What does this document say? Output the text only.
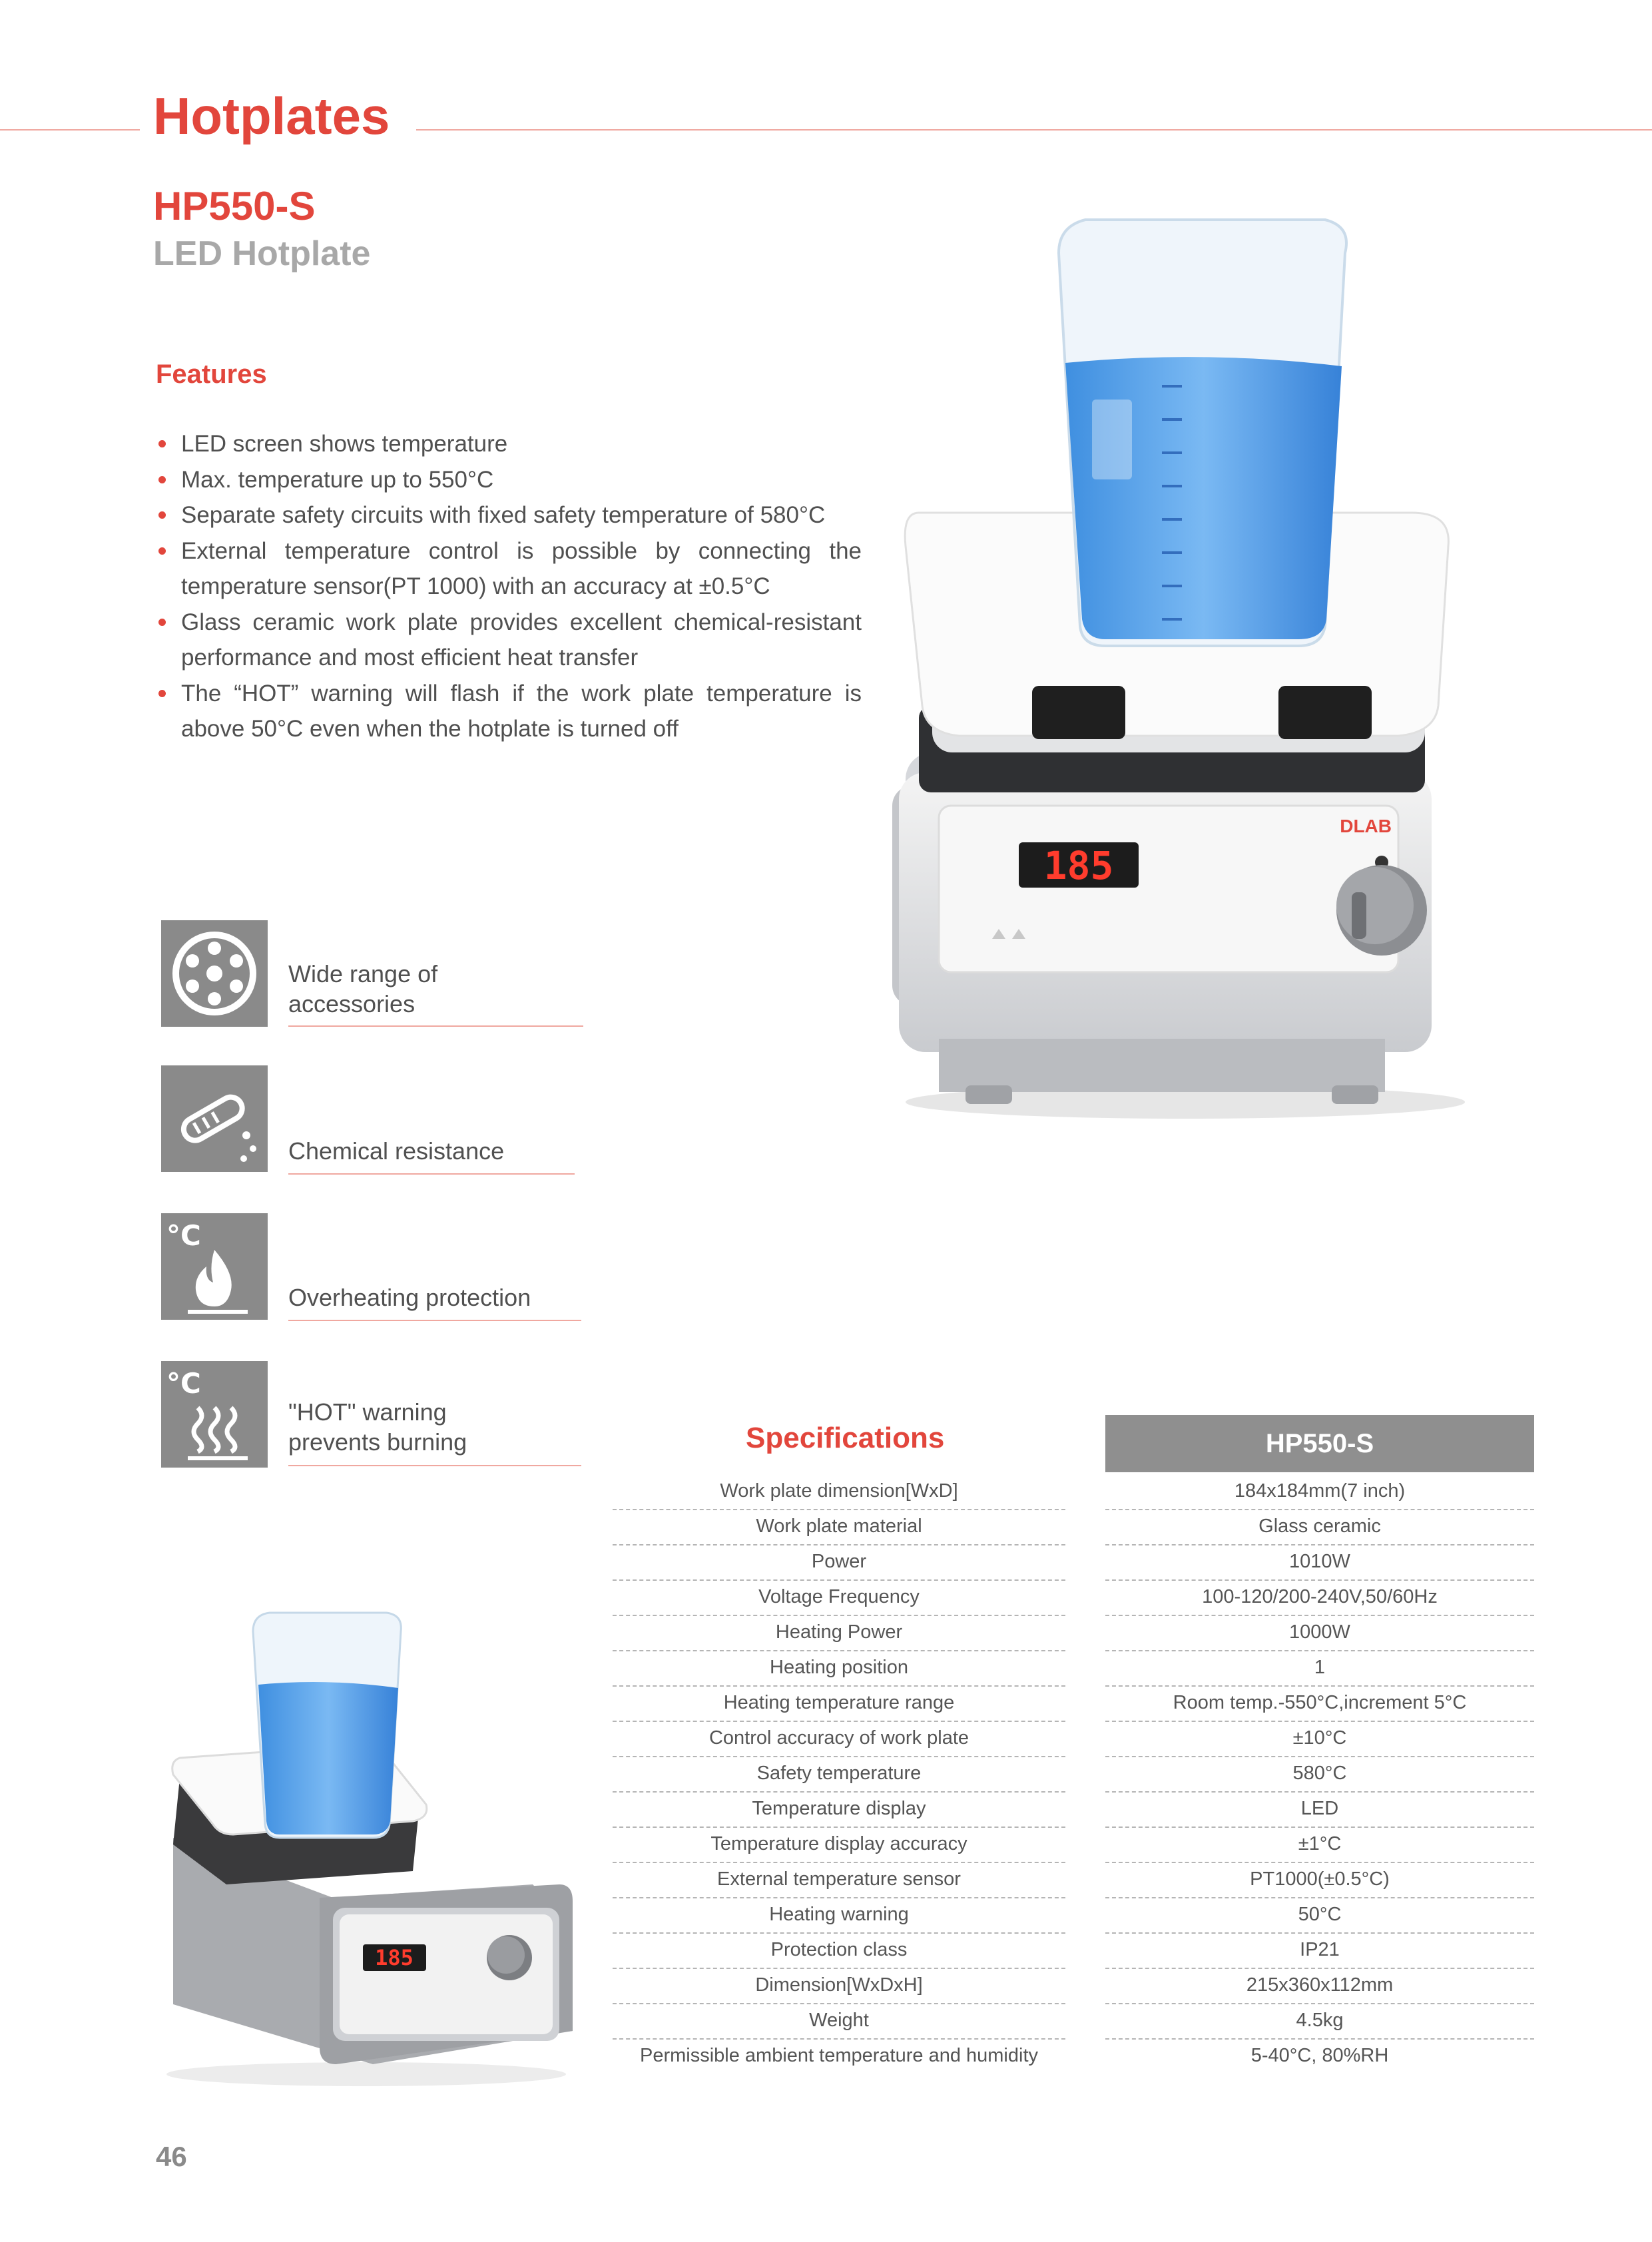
Hotplates
HP550-S
LED Hotplate
Features
LED screen shows temperature
Max. temperature up to 550°C
Separate safety circuits with fixed safety temperature of 580°C
External temperature control is possible by connecting the temperature sensor(PT 1000) with an accuracy at ±0.5°C
Glass ceramic work plate provides excellent chemical-resistant performance and most efficient heat transfer
The “HOT” warning will flash if the work plate temperature is above 50°C even when the hotplate is turned off
185
DLAB
Wide range of
accessories
Chemical resistance
°C
Overheating protection
°C
"HOT" warning
prevents burning
185
Specifications	HP550-S
Work plate dimension[WxD]	184x184mm(7 inch)
Work plate material	Glass ceramic
Power	1010W
Voltage Frequency	100-120/200-240V,50/60Hz
Heating Power	1000W
Heating position	1
Heating temperature range	Room temp.-550°C,increment 5°C
Control accuracy of work plate	±10°C
Safety temperature	580°C
Temperature display	LED
Temperature display accuracy	±1°C
External temperature sensor	PT1000(±0.5°C)
Heating warning	50°C
Protection class	IP21
Dimension[WxDxH]	215x360x112mm
Weight	4.5kg
Permissible ambient temperature and humidity	5-40°C, 80%RH
46
